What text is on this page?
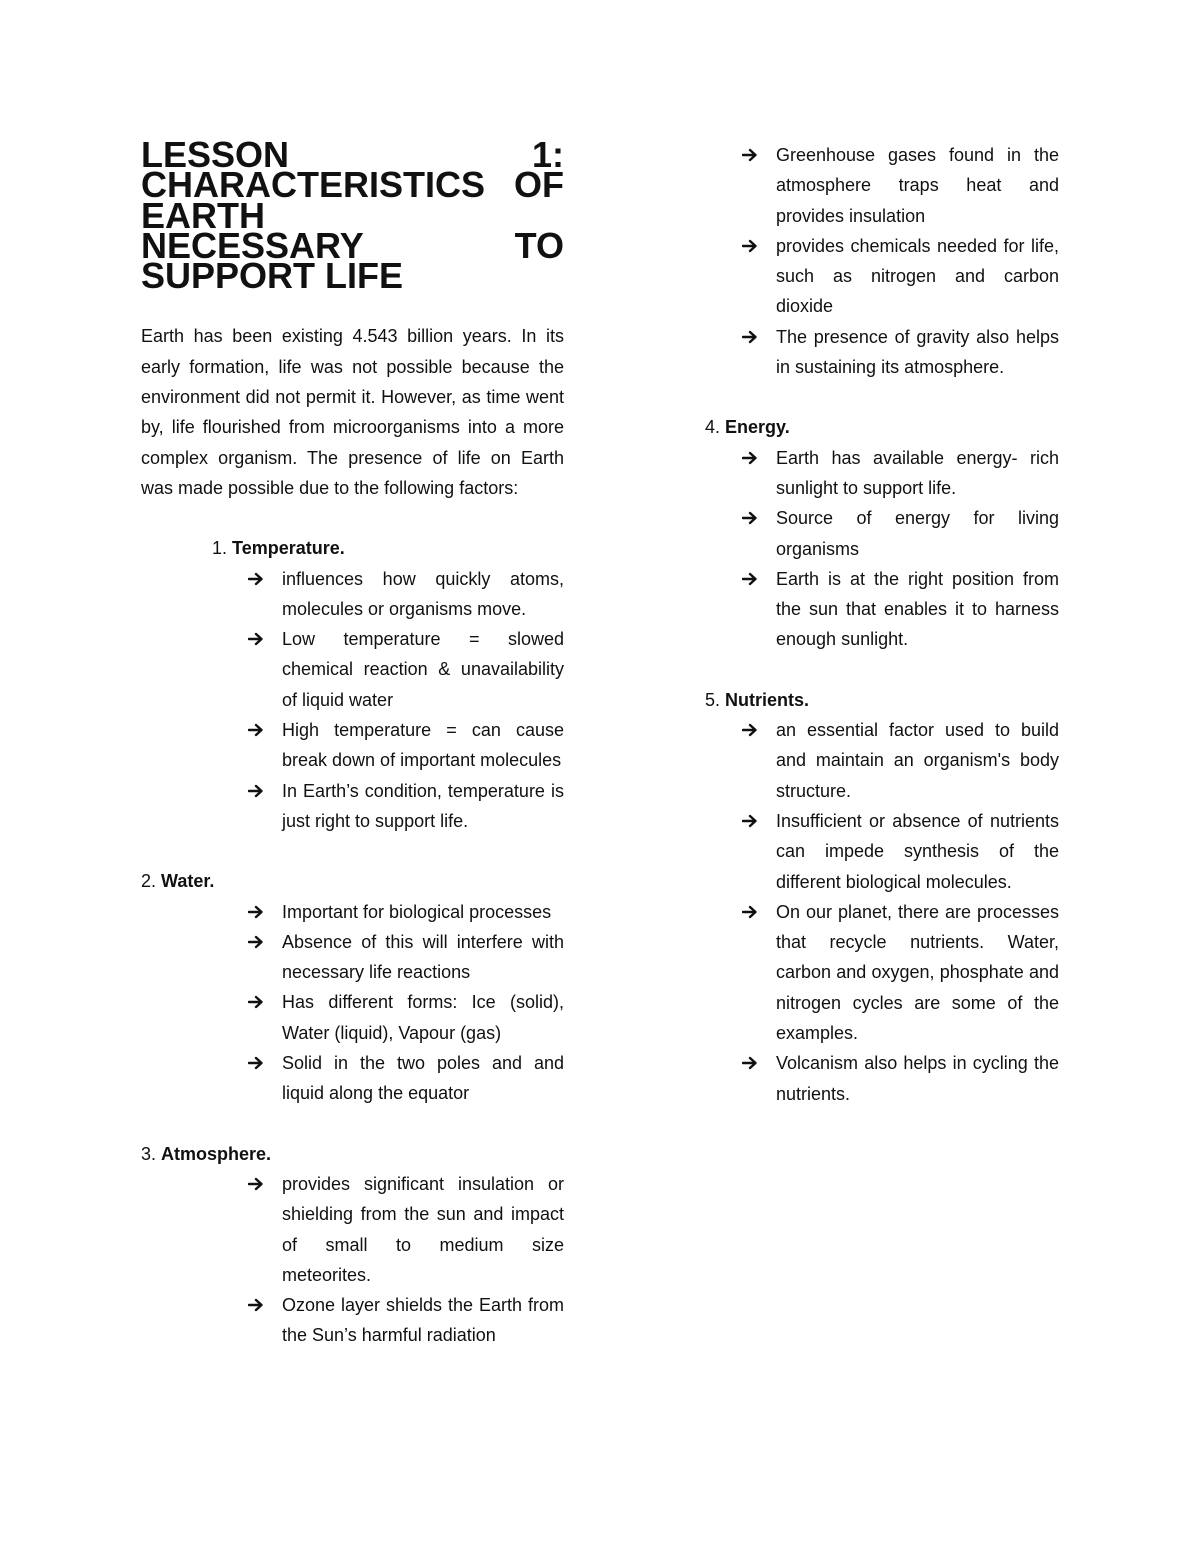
LESSON 1: CHARACTERISTICS OF EARTH
NECESSARY TO SUPPORT LIFE

Earth has been existing 4.543 billion years. In its early formation, life was not possible because the environment did not permit it. However, as time went by, life flourished from microorganisms into a more complex organism. The presence of life on Earth was made possible due to the following factors:

1. Temperature.
influences how quickly atoms, molecules or organisms move.
Low temperature = slowed chemical reaction & unavailability of liquid water
High temperature = can cause break down of important molecules
In Earth’s condition, temperature is just right to support life.
2. Water.
Important for biological processes
Absence of this will interfere with necessary life reactions
Has different forms: Ice (solid), Water (liquid), Vapour (gas)
Solid in the two poles and and liquid along the equator
3. Atmosphere.
provides significant insulation or shielding from the sun and impact of small to medium size meteorites.
Ozone layer shields the Earth from the Sun’s harmful radiation
Greenhouse gases found in the atmosphere traps heat and provides insulation
provides chemicals needed for life, such as nitrogen and carbon dioxide
The presence of gravity also helps in sustaining its atmosphere.
4. Energy.
Earth has available energy- rich sunlight to support life.
Source of energy for living organisms
Earth is at the right position from the sun that enables it to harness enough sunlight.
5. Nutrients.
an essential factor used to build and maintain an organism's body structure.
Insufficient or absence of nutrients can impede synthesis of the different biological molecules.
On our planet, there are processes that recycle nutrients. Water, carbon and oxygen, phosphate and nitrogen cycles are some of the examples.
Volcanism also helps in cycling the nutrients.
